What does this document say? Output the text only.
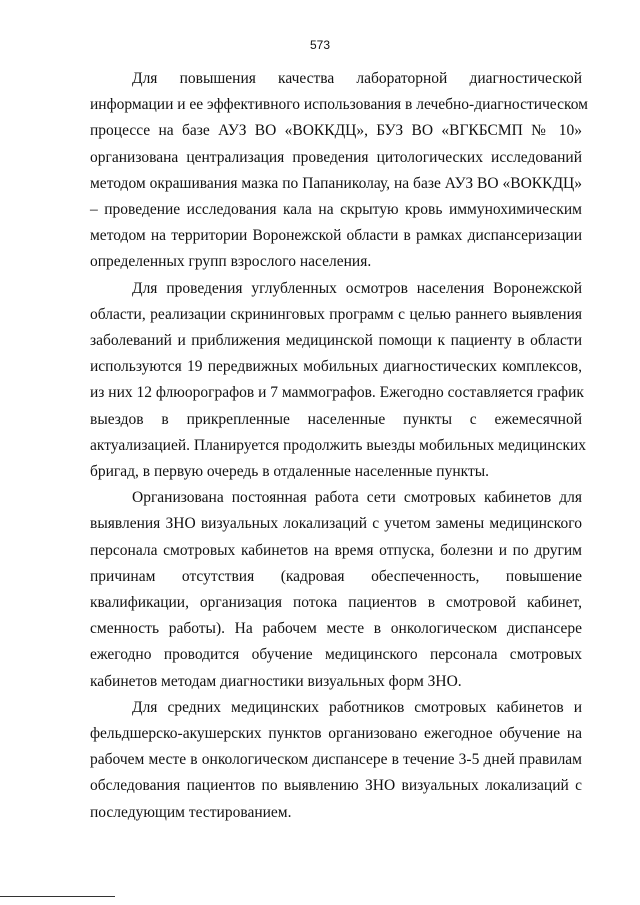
573
Для повышения качества лабораторной диагностической
информации и ее эффективного использования в лечебно-диагностическом
процессе на базе АУЗ ВО «ВОККДЦ», БУЗ ВО «ВГКБСМП № 10»
организована централизация проведения цитологических исследований
методом окрашивания мазка по Папаниколау, на базе АУЗ ВО «ВОККДЦ»
– проведение исследования кала на скрытую кровь иммунохимическим
методом на территории Воронежской области в рамках диспансеризации
определенных групп взрослого населения.
Для проведения углубленных осмотров населения Воронежской
области, реализации скрининговых программ с целью раннего выявления
заболеваний и приближения медицинской помощи к пациенту в области
используются 19 передвижных мобильных диагностических комплексов,
из них 12 флюорографов и 7 маммографов. Ежегодно составляется график
выездов в прикрепленные населенные пункты с ежемесячной
актуализацией. Планируется продолжить выезды мобильных медицинских
бригад, в первую очередь в отдаленные населенные пункты.
Организована постоянная работа сети смотровых кабинетов для
выявления ЗНО визуальных локализаций с учетом замены медицинского
персонала смотровых кабинетов на время отпуска, болезни и по другим
причинам отсутствия (кадровая обеспеченность, повышение
квалификации, организация потока пациентов в смотровой кабинет,
сменность работы). На рабочем месте в онкологическом диспансере
ежегодно проводится обучение медицинского персонала смотровых
кабинетов методам диагностики визуальных форм ЗНО.
Для средних медицинских работников смотровых кабинетов и
фельдшерско-акушерских пунктов организовано ежегодное обучение на
рабочем месте в онкологическом диспансере в течение 3-5 дней правилам
обследования пациентов по выявлению ЗНО визуальных локализаций с
последующим тестированием.
